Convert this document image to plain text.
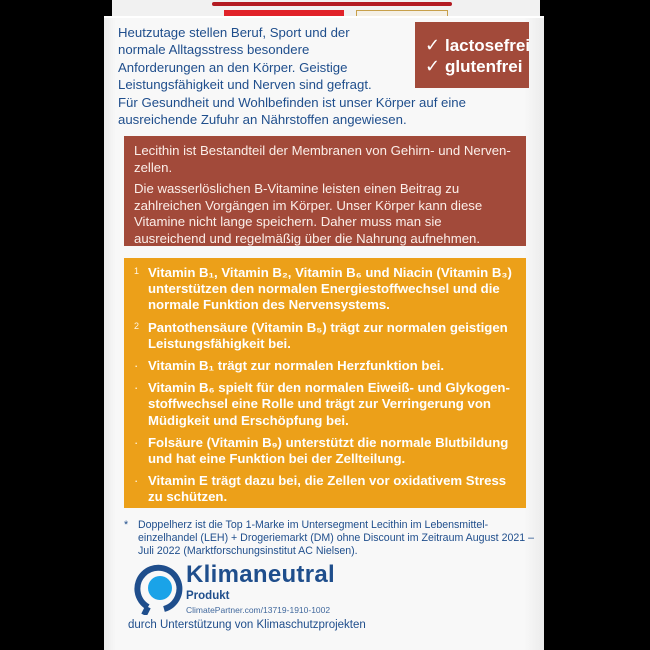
Heutzutage stellen Beruf, Sport und der

normale Alltagsstress besondere

Anforderungen an den Körper. Geistige

Leistungsfähigkeit und Nerven sind gefragt.

Für Gesundheit und Wohlbefinden ist unser Körper auf eine

ausreichende Zufuhr an Nährstoffen angewiesen.

✓ lactosefrei
✓ glutenfrei

Lecithin ist Bestandteil der Membranen von Gehirn- und Nerven-zellen.

Die wasserlöslichen B-Vitamine leisten einen Beitrag zu zahlreichen Vorgängen im Körper. Unser Körper kann diese Vitamine nicht lange speichern. Daher muss man sie ausreichend und regelmäßig über die Nahrung aufnehmen.

1 Vitamin B₁, Vitamin B₂, Vitamin B₆ und Niacin (Vitamin B₃) unterstützen den normalen Energiestoffwechsel und die normale Funktion des Nervensystems.
2 Pantothensäure (Vitamin B₅) trägt zur normalen geistigen Leistungsfähigkeit bei.
· Vitamin B₁ trägt zur normalen Herzfunktion bei.
· Vitamin B₆ spielt für den normalen Eiweiß- und Glykogen-stoffwechsel eine Rolle und trägt zur Verringerung von Müdigkeit und Erschöpfung bei.
· Folsäure (Vitamin B₉) unterstützt die normale Blutbildung und hat eine Funktion bei der Zellteilung.
· Vitamin E trägt dazu bei, die Zellen vor oxidativem Stress zu schützen.
* Doppelherz ist die Top 1-Marke im Untersegment Lecithin im Lebensmittel-einzelhandel (LEH) + Drogeriemarkt (DM) ohne Discount im Zeitraum August 2021 – Juli 2022 (Marktforschungsinstitut AC Nielsen).
Klimaneutral
Produkt
ClimatePartner.com/13719-1910-1002
durch Unterstützung von Klimaschutzprojekten
